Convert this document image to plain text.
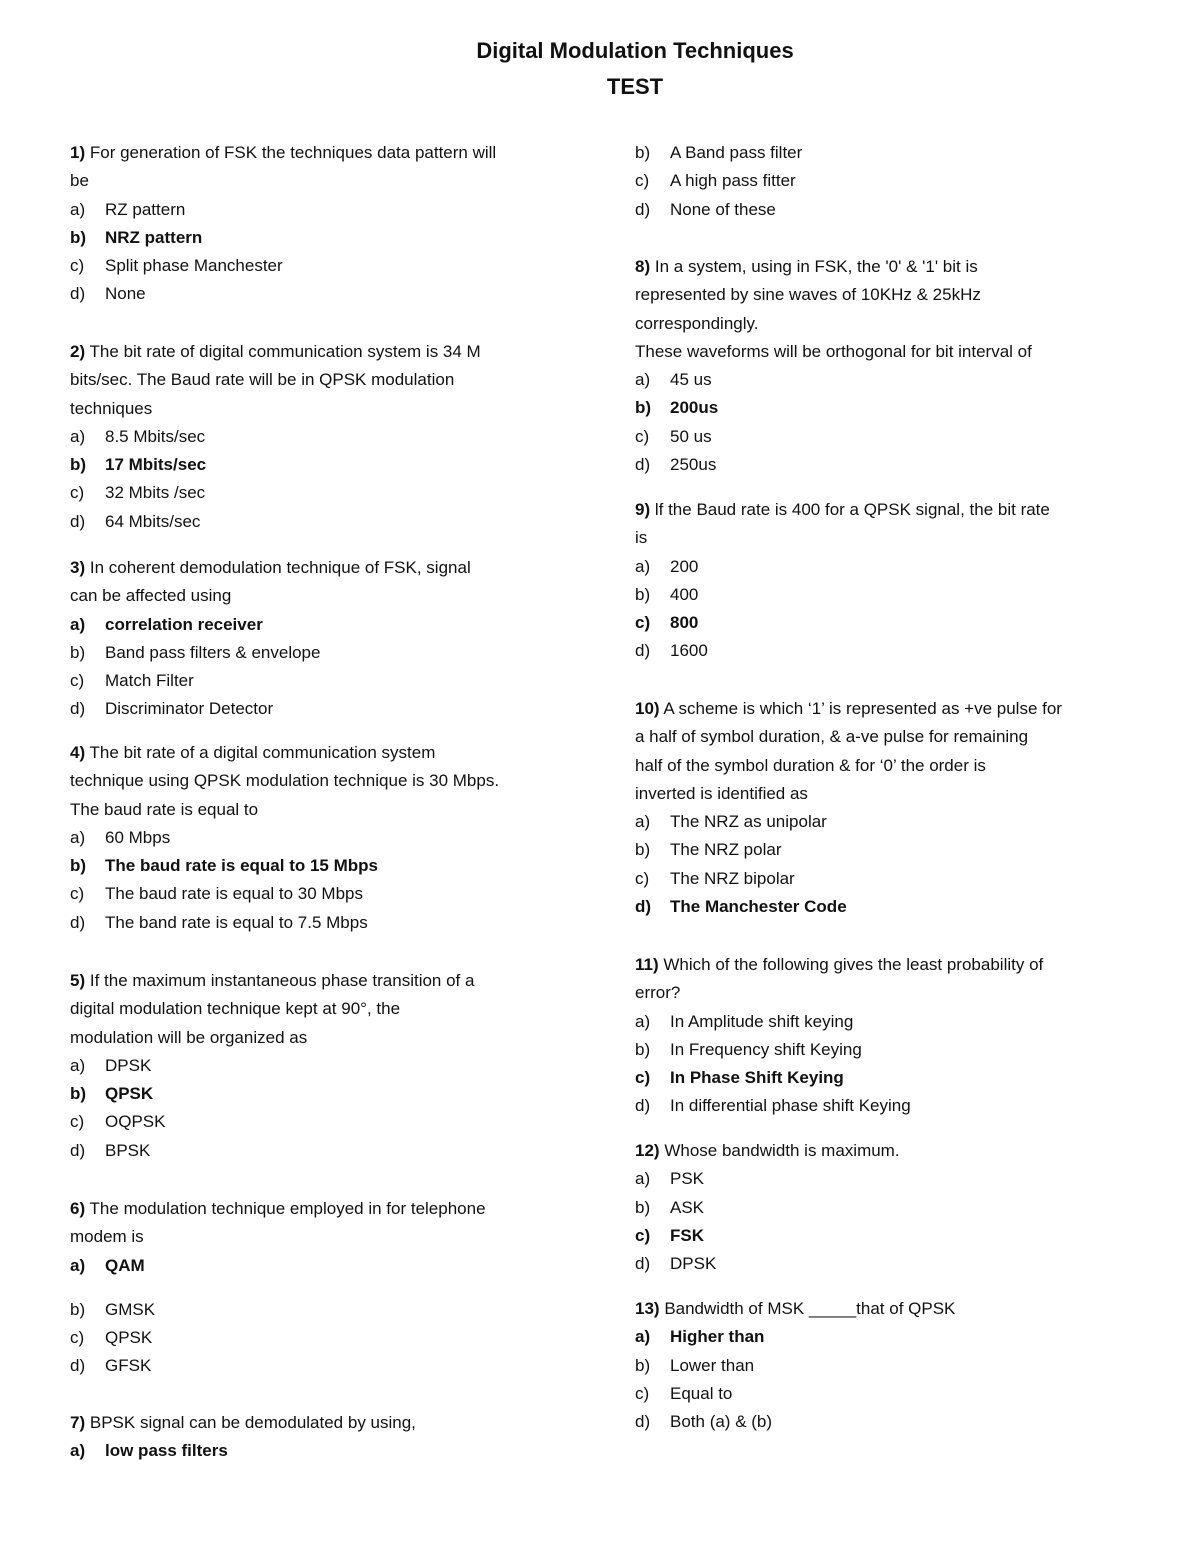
Digital Modulation Techniques
TEST
1) For generation of FSK the techniques data pattern will
be
a)	RZ pattern
b)	NRZ pattern
c)	Split phase Manchester
d)	None
2) The bit rate of digital communication system is 34 M
bits/sec. The Baud rate will be in QPSK modulation
techniques
a)	8.5 Mbits/sec
b)	17 Mbits/sec
c)	32 Mbits /sec
d)	64 Mbits/sec
3) In coherent demodulation technique of FSK, signal
can be affected using
a)	correlation receiver
b)	Band pass filters & envelope
c)	Match Filter
d)	Discriminator Detector
4) The bit rate of a digital communication system
technique using QPSK modulation technique is 30 Mbps.
The baud rate is equal to
a)	60 Mbps
b)	The baud rate is equal to 15 Mbps
c)	The baud rate is equal to 30 Mbps
d)	The band rate is equal to 7.5 Mbps
5) If the maximum instantaneous phase transition of a
digital modulation technique kept at 90°, the
modulation will be organized as
a)	DPSK
b)	QPSK
c)	OQPSK
d)	BPSK
6) The modulation technique employed in for telephone
modem is
a)	QAM
b)	GMSK
c)	QPSK
d)	GFSK
7) BPSK signal can be demodulated by using,
a)	low pass filters
b)	A Band pass filter
c)	A high pass fitter
d)	None of these
8) In a system, using in FSK, the '0' & '1' bit is
represented by sine waves of 10KHz & 25kHz
correspondingly.
These waveforms will be orthogonal for bit interval of
a)	45 us
b)	200us
c)	50 us
d)	250us
9) lf the Baud rate is 400 for a QPSK signal, the bit rate
is
a)	200
b)	400
c)	800
d)	1600
10) A scheme is which ‘1’ is represented as +ve pulse for
a half of symbol duration, & a-ve pulse for remaining
half of the symbol duration & for ‘0’ the order is
inverted is identified as
a)	The NRZ as unipolar
b)	The NRZ polar
c)	The NRZ bipolar
d)	The Manchester Code
11) Which of the following gives the least probability of
error?
a)	In Amplitude shift keying
b)	In Frequency shift Keying
c)	In Phase Shift Keying
d)	In differential phase shift Keying
12) Whose bandwidth is maximum.
a)	PSK
b)	ASK
c)	FSK
d)	DPSK
13) Bandwidth of MSK _____that of QPSK
a)	Higher than
b)	Lower than
c)	Equal to
d)	Both (a) & (b)
